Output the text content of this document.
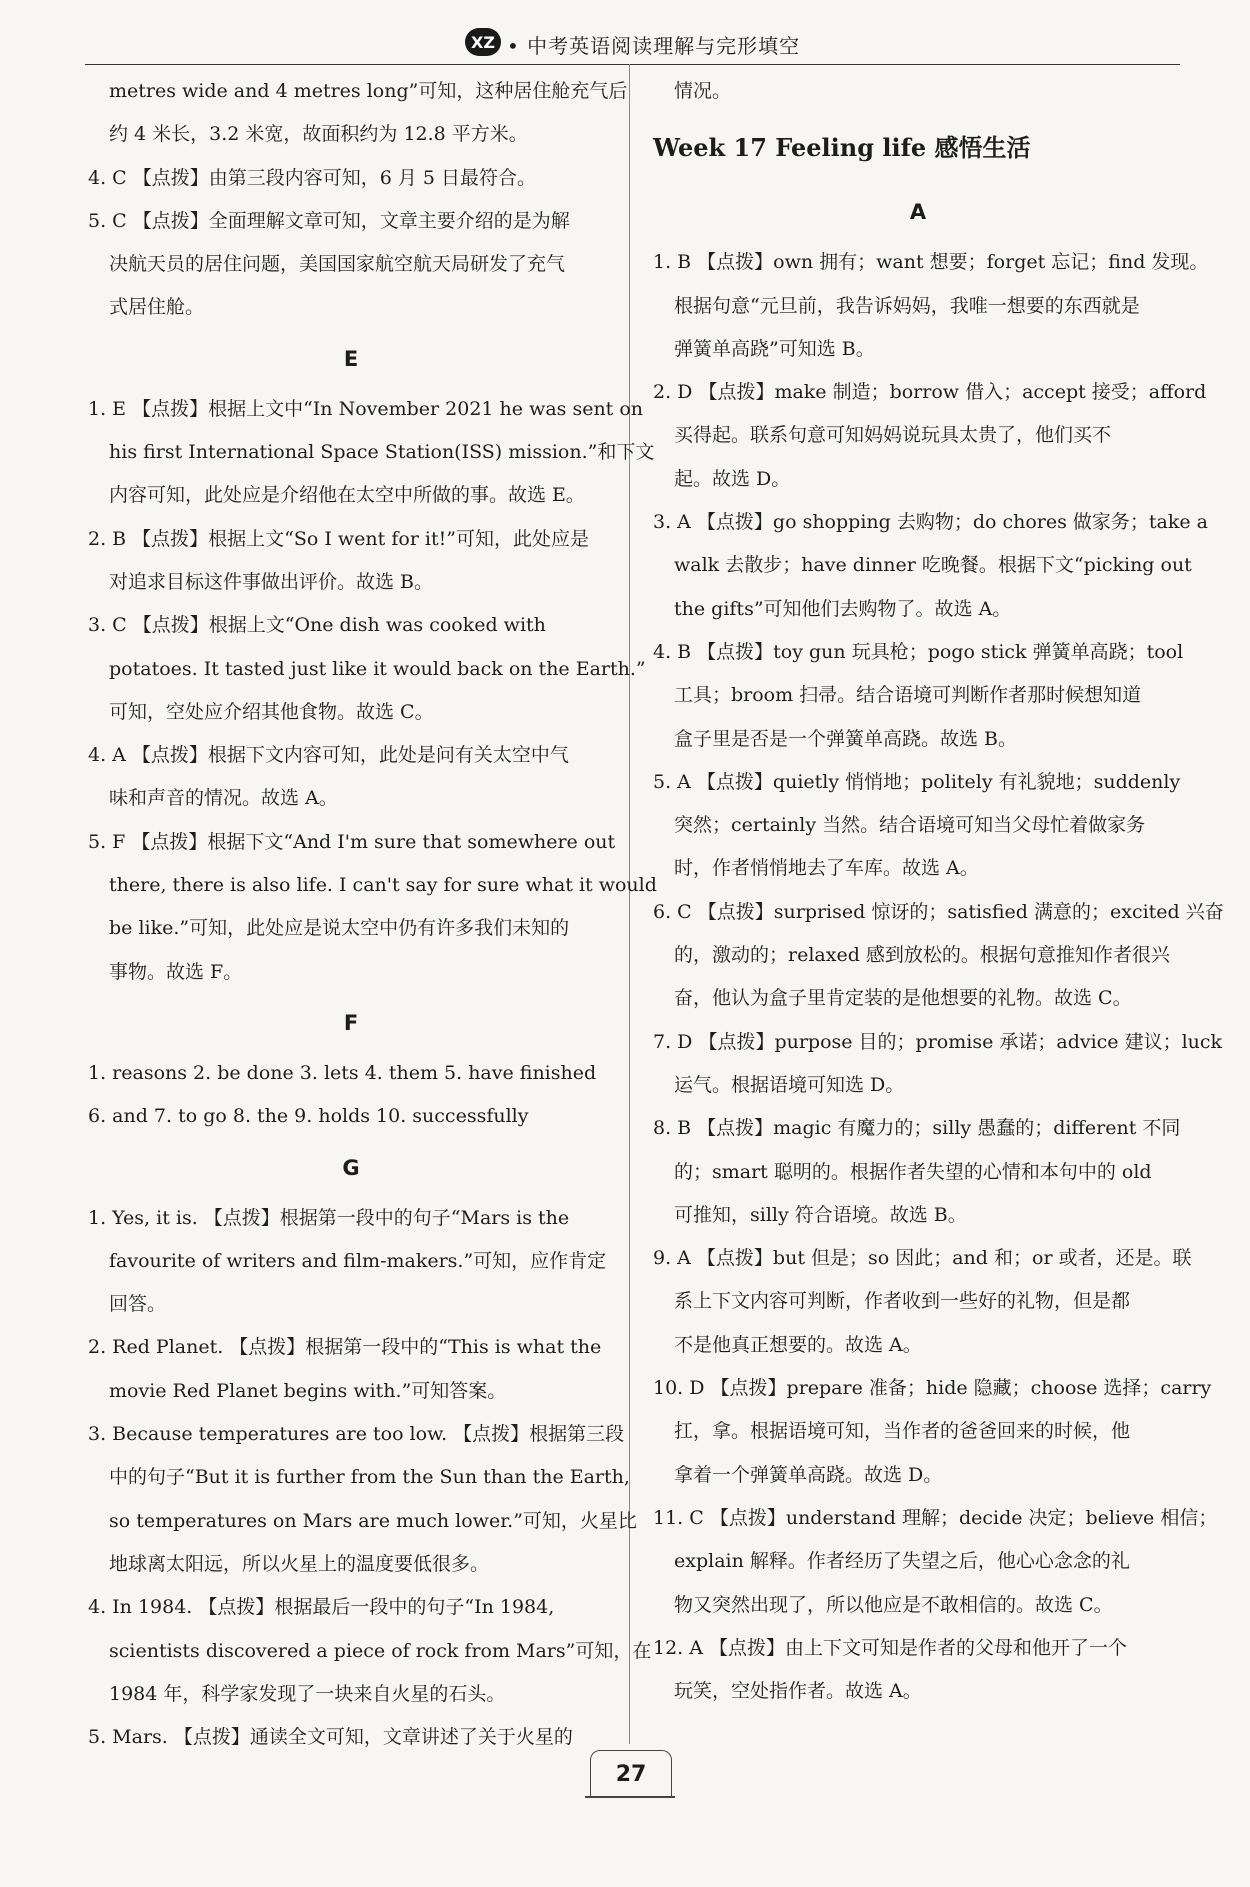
XZ • 中考英语阅读理解与完形填空
metres wide and 4 metres long”可知，这种居住舱充气后
约 4 米长，3.2 米宽，故面积约为 12.8 平方米。
4. C 【点拨】由第三段内容可知，6 月 5 日最符合。
5. C 【点拨】全面理解文章可知，文章主要介绍的是为解
决航天员的居住问题，美国国家航空航天局研发了充气
式居住舱。
E
1. E 【点拨】根据上文中“In November 2021 he was sent on
his first International Space Station(ISS) mission.”和下文
内容可知，此处应是介绍他在太空中所做的事。故选 E。
2. B 【点拨】根据上文“So I went for it!”可知，此处应是
对追求目标这件事做出评价。故选 B。
3. C 【点拨】根据上文“One dish was cooked with
potatoes. It tasted just like it would back on the Earth.”
可知，空处应介绍其他食物。故选 C。
4. A 【点拨】根据下文内容可知，此处是问有关太空中气
味和声音的情况。故选 A。
5. F 【点拨】根据下文“And I'm sure that somewhere out
there, there is also life. I can't say for sure what it would
be like.”可知，此处应是说太空中仍有许多我们未知的
事物。故选 F。
F
1. reasons 2. be done 3. lets 4. them 5. have finished
6. and 7. to go 8. the 9. holds 10. successfully
G
1. Yes, it is. 【点拨】根据第一段中的句子“Mars is the
favourite of writers and film-makers.”可知，应作肯定
回答。
2. Red Planet. 【点拨】根据第一段中的“This is what the
movie Red Planet begins with.”可知答案。
3. Because temperatures are too low. 【点拨】根据第三段
中的句子“But it is further from the Sun than the Earth,
so temperatures on Mars are much lower.”可知，火星比
地球离太阳远，所以火星上的温度要低很多。
4. In 1984. 【点拨】根据最后一段中的句子“In 1984,
scientists discovered a piece of rock from Mars”可知，在
1984 年，科学家发现了一块来自火星的石头。
5. Mars. 【点拨】通读全文可知，文章讲述了关于火星的
情况。
Week 17 Feeling life 感悟生活
A
1. B 【点拨】own 拥有；want 想要；forget 忘记；find 发现。
根据句意“元旦前，我告诉妈妈，我唯一想要的东西就是
弹簧单高跷”可知选 B。
2. D 【点拨】make 制造；borrow 借入；accept 接受；afford
买得起。联系句意可知妈妈说玩具太贵了，他们买不
起。故选 D。
3. A 【点拨】go shopping 去购物；do chores 做家务；take a
walk 去散步；have dinner 吃晚餐。根据下文“picking out
the gifts”可知他们去购物了。故选 A。
4. B 【点拨】toy gun 玩具枪；pogo stick 弹簧单高跷；tool
工具；broom 扫帚。结合语境可判断作者那时候想知道
盒子里是否是一个弹簧单高跷。故选 B。
5. A 【点拨】quietly 悄悄地；politely 有礼貌地；suddenly
突然；certainly 当然。结合语境可知当父母忙着做家务
时，作者悄悄地去了车库。故选 A。
6. C 【点拨】surprised 惊讶的；satisfied 满意的；excited 兴奋
的，激动的；relaxed 感到放松的。根据句意推知作者很兴
奋，他认为盒子里肯定装的是他想要的礼物。故选 C。
7. D 【点拨】purpose 目的；promise 承诺；advice 建议；luck
运气。根据语境可知选 D。
8. B 【点拨】magic 有魔力的；silly 愚蠢的；different 不同
的；smart 聪明的。根据作者失望的心情和本句中的 old
可推知，silly 符合语境。故选 B。
9. A 【点拨】but 但是；so 因此；and 和；or 或者，还是。联
系上下文内容可判断，作者收到一些好的礼物，但是都
不是他真正想要的。故选 A。
10. D 【点拨】prepare 准备；hide 隐藏；choose 选择；carry
扛，拿。根据语境可知，当作者的爸爸回来的时候，他
拿着一个弹簧单高跷。故选 D。
11. C 【点拨】understand 理解；decide 决定；believe 相信；
explain 解释。作者经历了失望之后，他心心念念的礼
物又突然出现了，所以他应是不敢相信的。故选 C。
12. A 【点拨】由上下文可知是作者的父母和他开了一个
玩笑，空处指作者。故选 A。
27
